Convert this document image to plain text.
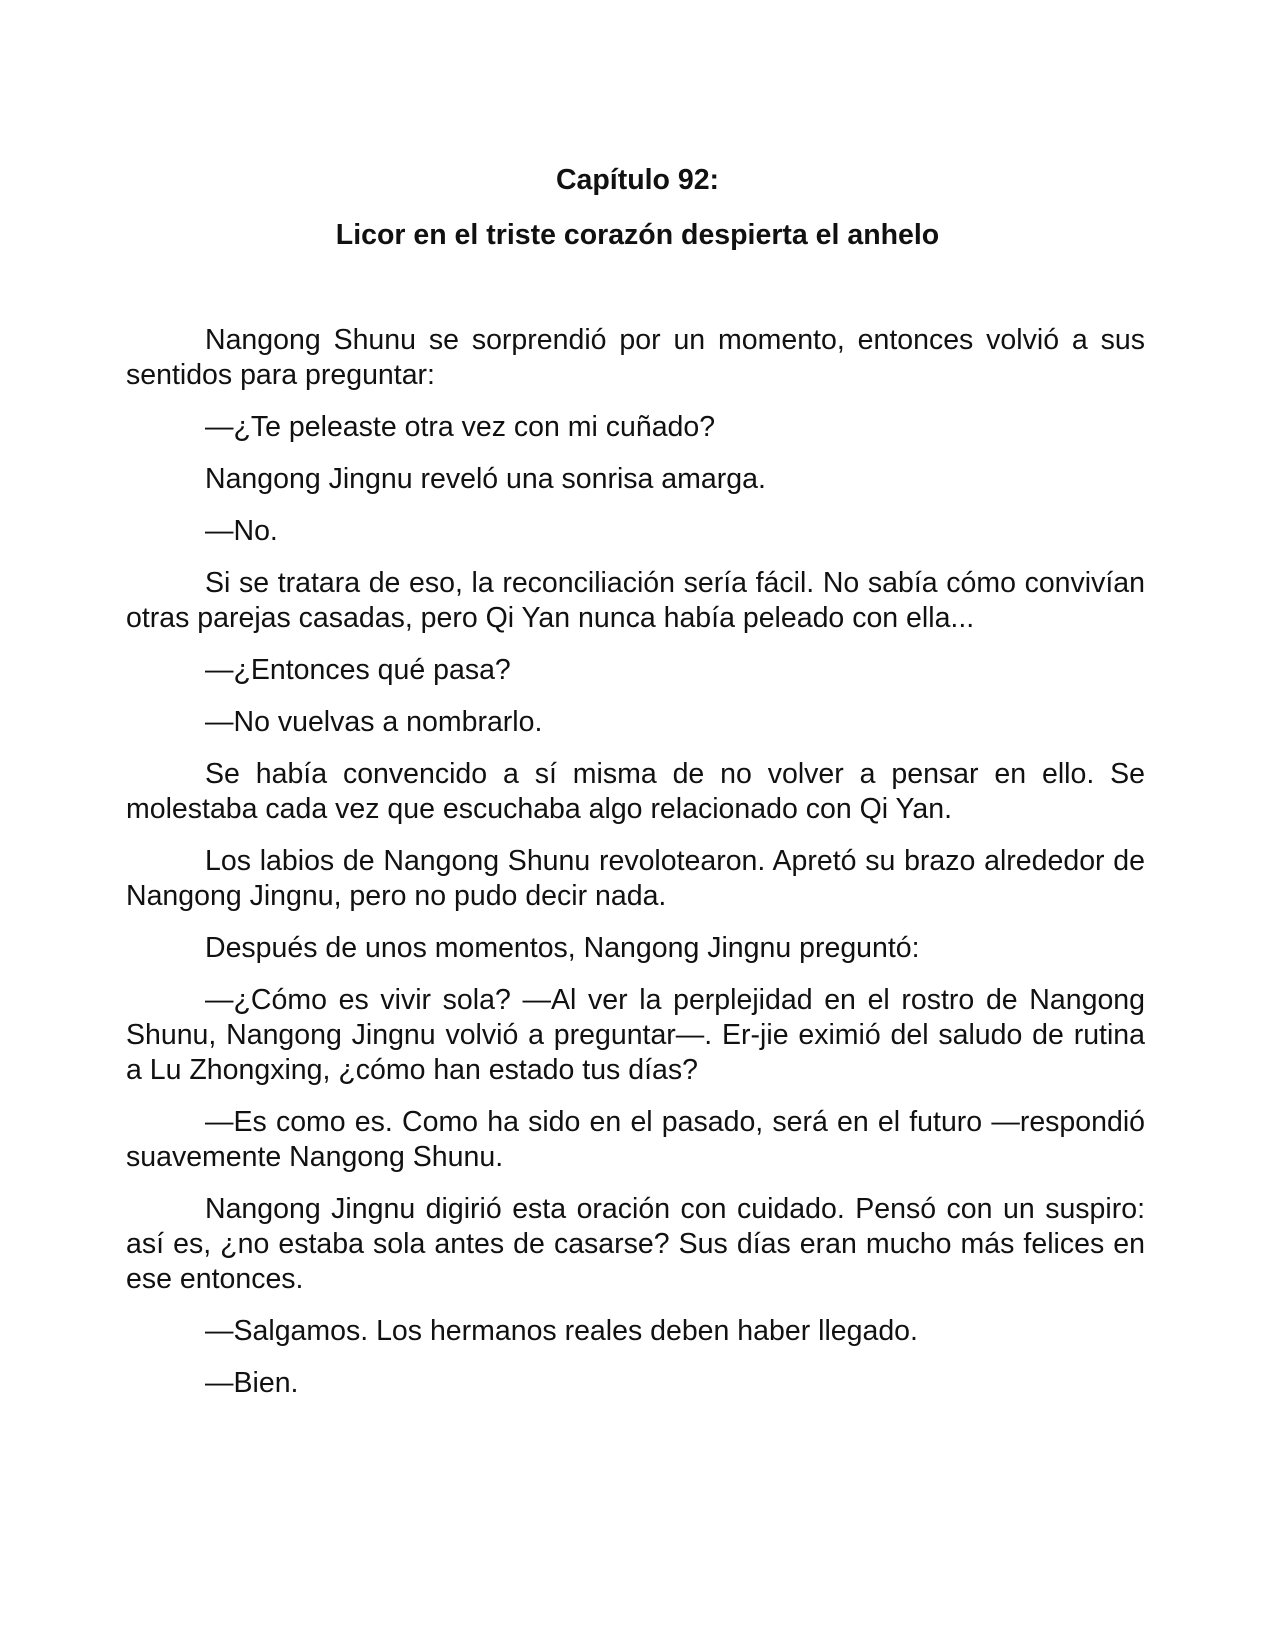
Capítulo 92:
Licor en el triste corazón despierta el anhelo

Nangong Shunu se sorprendió por un momento, entonces volvió a sus sentidos para preguntar:

—¿Te peleaste otra vez con mi cuñado?

Nangong Jingnu reveló una sonrisa amarga.

—No.

Si se tratara de eso, la reconciliación sería fácil. No sabía cómo convivían otras parejas casadas, pero Qi Yan nunca había peleado con ella...

—¿Entonces qué pasa?

—No vuelvas a nombrarlo.

Se había convencido a sí misma de no volver a pensar en ello. Se molestaba cada vez que escuchaba algo relacionado con Qi Yan.

Los labios de Nangong Shunu revolotearon. Apretó su brazo alrededor de Nangong Jingnu, pero no pudo decir nada.

Después de unos momentos, Nangong Jingnu preguntó:

—¿Cómo es vivir sola? —Al ver la perplejidad en el rostro de Nangong Shunu, Nangong Jingnu volvió a preguntar—. Er-jie eximió del saludo de rutina a Lu Zhongxing, ¿cómo han estado tus días?

—Es como es. Como ha sido en el pasado, será en el futuro —respondió suavemente Nangong Shunu.

Nangong Jingnu digirió esta oración con cuidado. Pensó con un suspiro: así es, ¿no estaba sola antes de casarse? Sus días eran mucho más felices en ese entonces.

—Salgamos. Los hermanos reales deben haber llegado.

—Bien.
